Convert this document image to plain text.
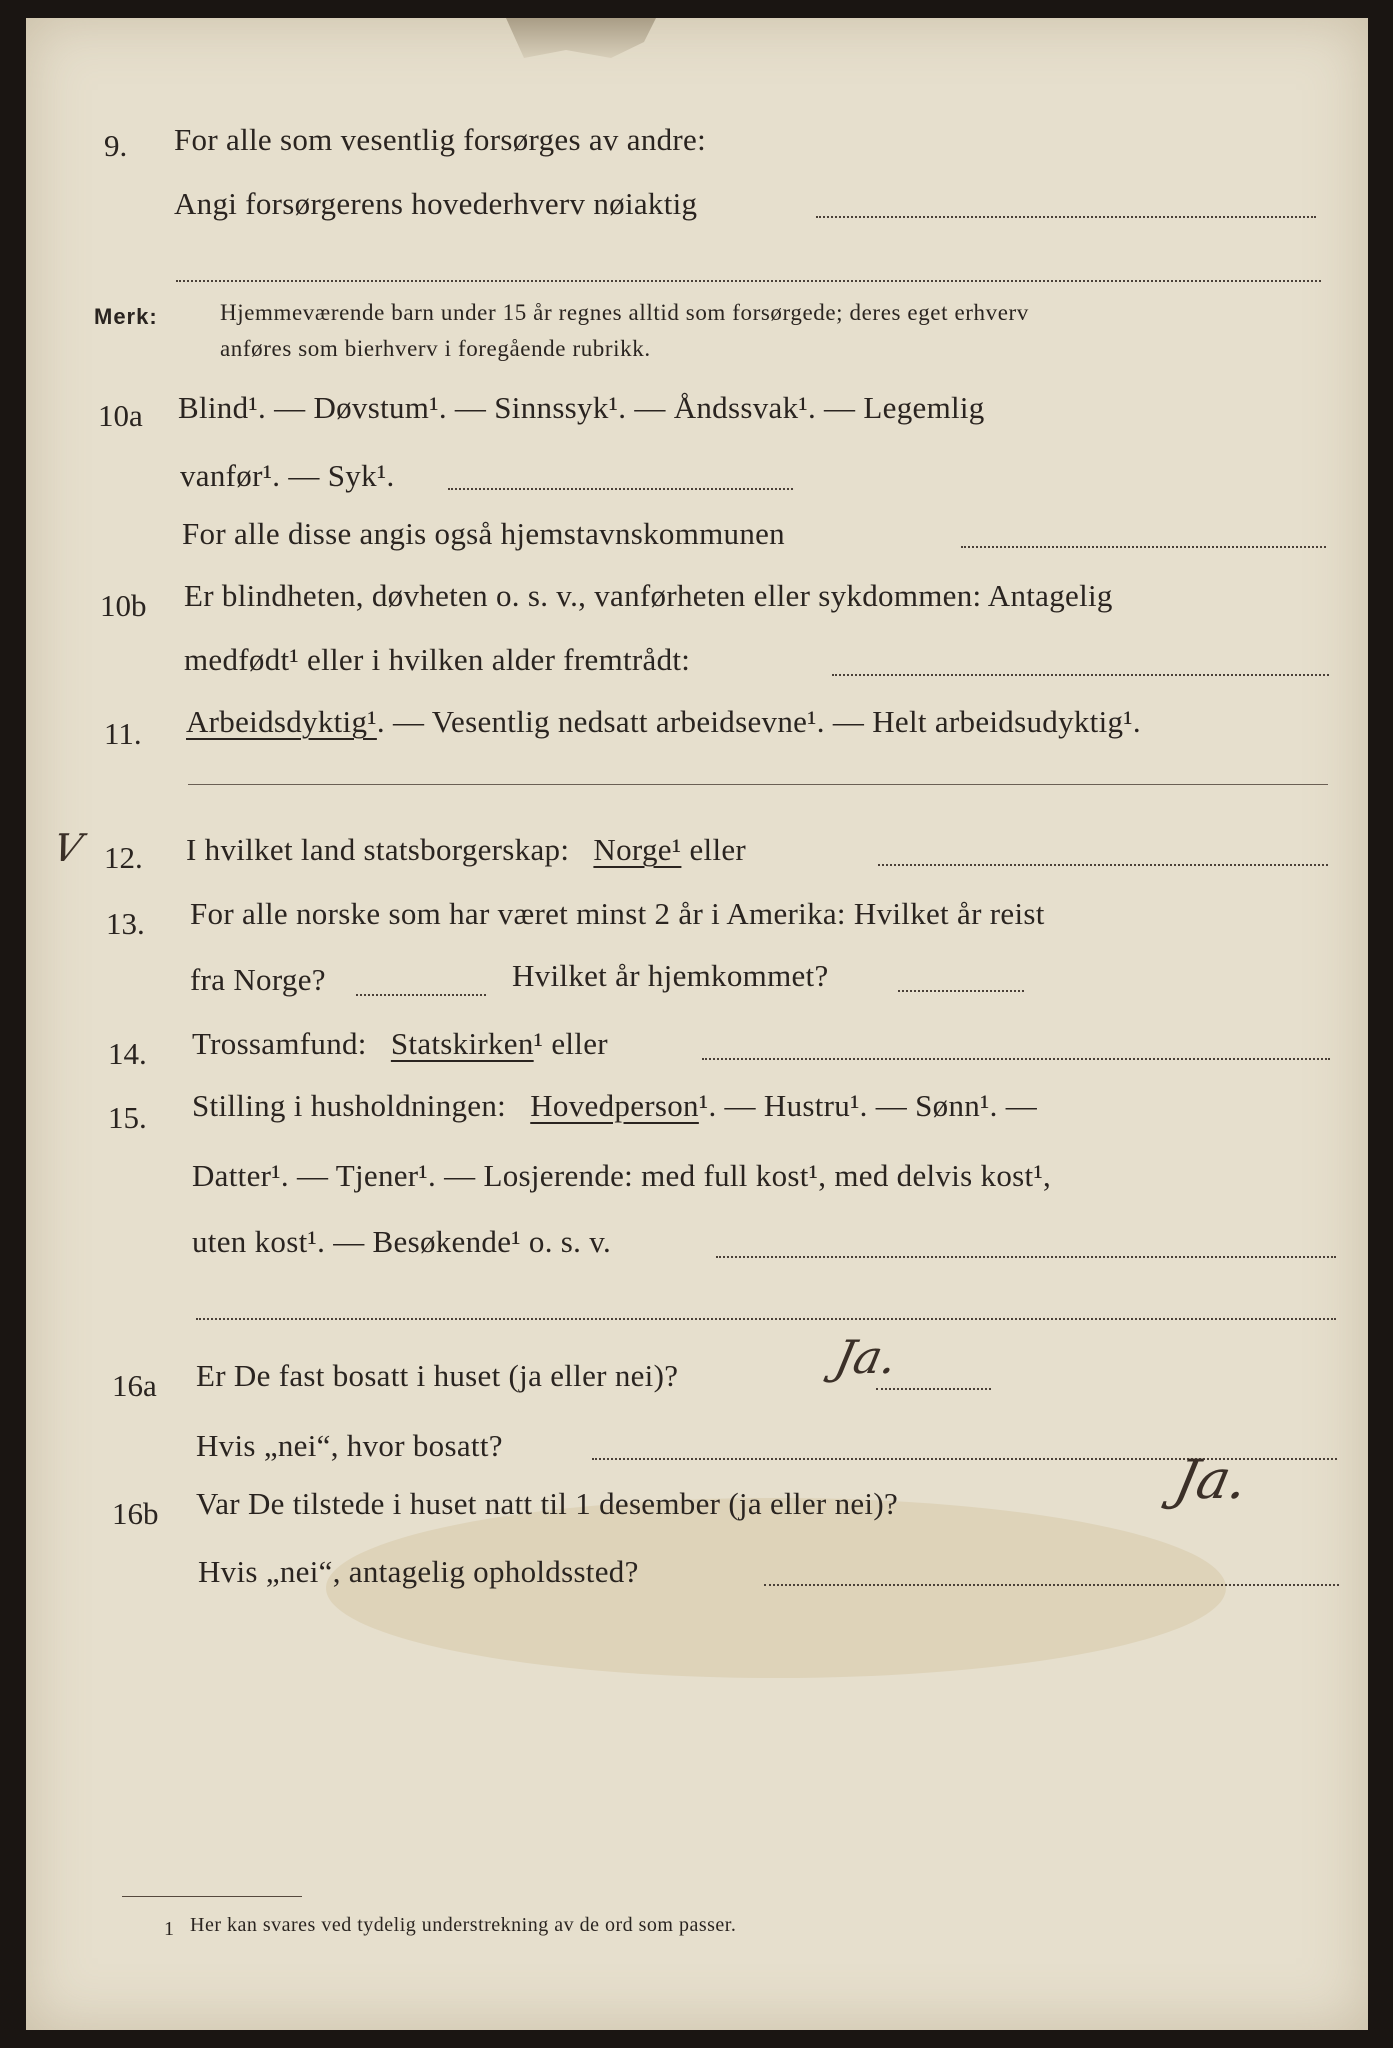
9. For alle som vesentlig forsørges av andre:
Angi forsørgerens hovederhverv nøiaktig
Merk:	Hjemmeværende barn under 15 år regnes alltid som forsørgede; deres eget erhverv
anføres som bierhverv i foregående rubrikk.
10a Blind¹. — Døvstum¹. — Sinnssyk¹. — Åndssvak¹. — Legemlig
vanfør¹. — Syk¹.
For alle disse angis også hjemstavnskommunen
10b Er blindheten, døvheten o. s. v., vanførheten eller sykdommen: Antagelig
medfødt¹ eller i hvilken alder fremtrådt:
11. Arbeidsdyktig¹. — Vesentlig nedsatt arbeidsevne¹. — Helt arbeidsudyktig¹.
V 12. I hvilket land statsborgerskap: Norge¹ eller
13. For alle norske som har været minst 2 år i Amerika: Hvilket år reist
fra Norge?	Hvilket år hjemkommet?
14. Trossamfund: Statskirken¹ eller
15. Stilling i husholdningen: Hovedperson¹. — Hustru¹. — Sønn¹. —
Datter¹. — Tjener¹. — Losjerende: med full kost¹, med delvis kost¹,
uten kost¹. — Besøkende¹ o. s. v.
16a Er De fast bosatt i huset (ja eller nei)?	Ja.
Hvis „nei“, hvor bosatt?
16b Var De tilstede i huset natt til 1 desember (ja eller nei)?	Ja.
Hvis „nei“, antagelig opholdssted?
1 Her kan svares ved tydelig understrekning av de ord som passer.
